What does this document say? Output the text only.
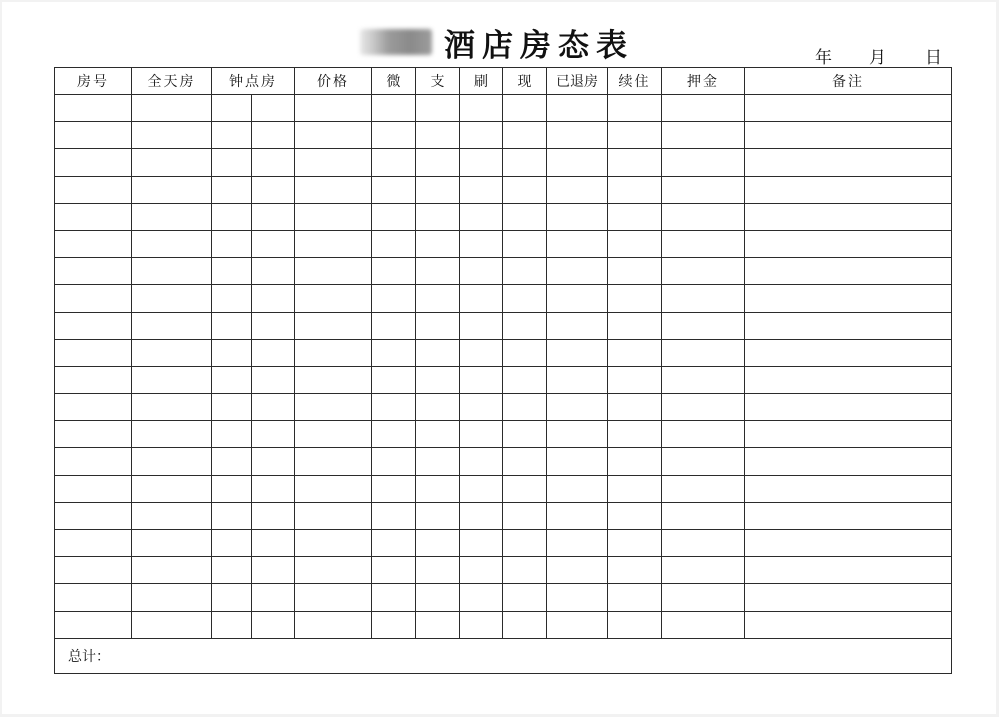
酒店房态表	年 月 日
房号	全天房	钟点房		价格	微	支	刷	现	已退房	续住	押金	备注

总计：												
